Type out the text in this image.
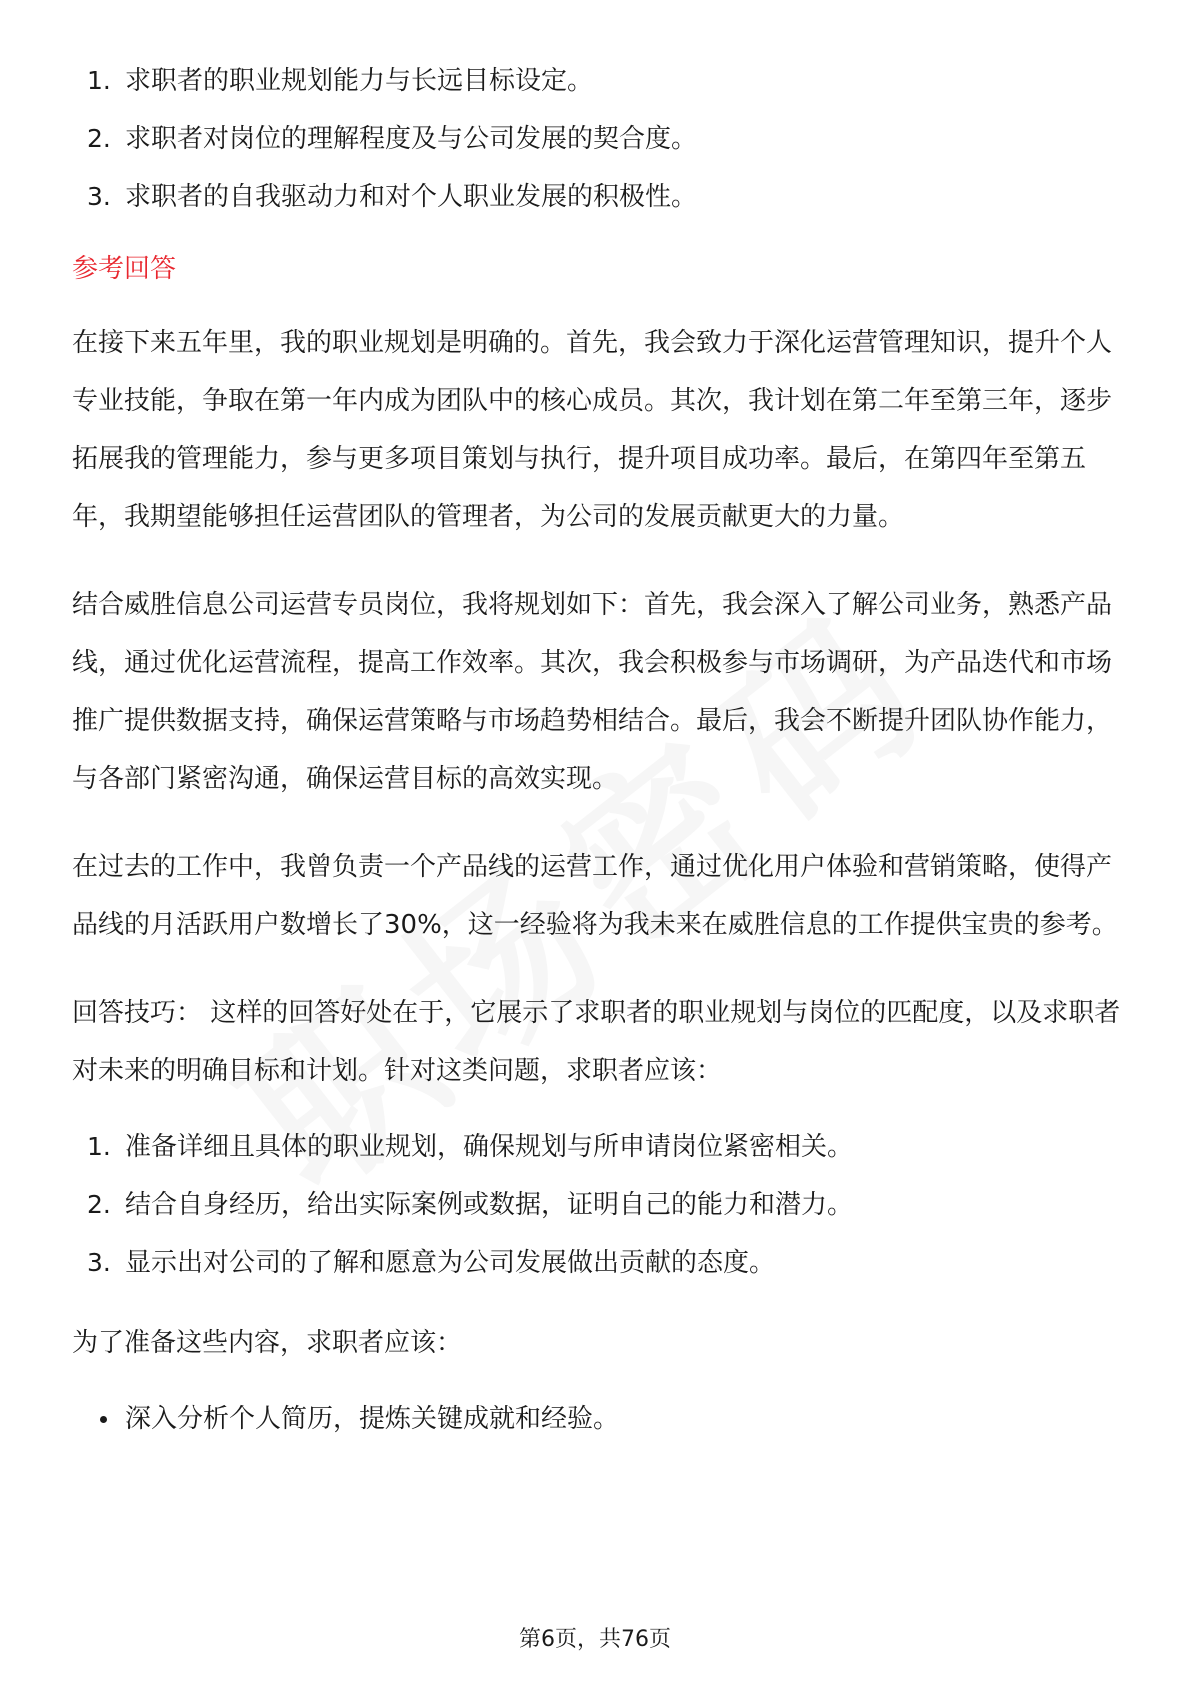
1. 求职者的职业规划能力与长远目标设定。
2. 求职者对岗位的理解程度及与公司发展的契合度。
3. 求职者的自我驱动力和对个人职业发展的积极性。
参考回答

在接下来五年里，我的职业规划是明确的。首先，我会致力于深化运营管理知识，提升个人专业技能，争取在第一年内成为团队中的核心成员。其次，我计划在第二年至第三年，逐步拓展我的管理能力，参与更多项目策划与执行，提升项目成功率。最后，在第四年至第五年，我期望能够担任运营团队的管理者，为公司的发展贡献更大的力量。

结合威胜信息公司运营专员岗位，我将规划如下：首先，我会深入了解公司业务，熟悉产品线，通过优化运营流程，提高工作效率。其次，我会积极参与市场调研，为产品迭代和市场推广提供数据支持，确保运营策略与市场趋势相结合。最后，我会不断提升团队协作能力，与各部门紧密沟通，确保运营目标的高效实现。

在过去的工作中，我曾负责一个产品线的运营工作，通过优化用户体验和营销策略，使得产品线的月活跃用户数增长了30%，这一经验将为我未来在威胜信息的工作提供宝贵的参考。

回答技巧： 这样的回答好处在于，它展示了求职者的职业规划与岗位的匹配度，以及求职者对未来的明确目标和计划。针对这类问题，求职者应该：

1. 准备详细且具体的职业规划，确保规划与所申请岗位紧密相关。
2. 结合自身经历，给出实际案例或数据，证明自己的能力和潜力。
3. 显示出对公司的了解和愿意为公司发展做出贡献的态度。

为了准备这些内容，求职者应该：

深入分析个人简历，提炼关键成就和经验。
第6页，共76页
